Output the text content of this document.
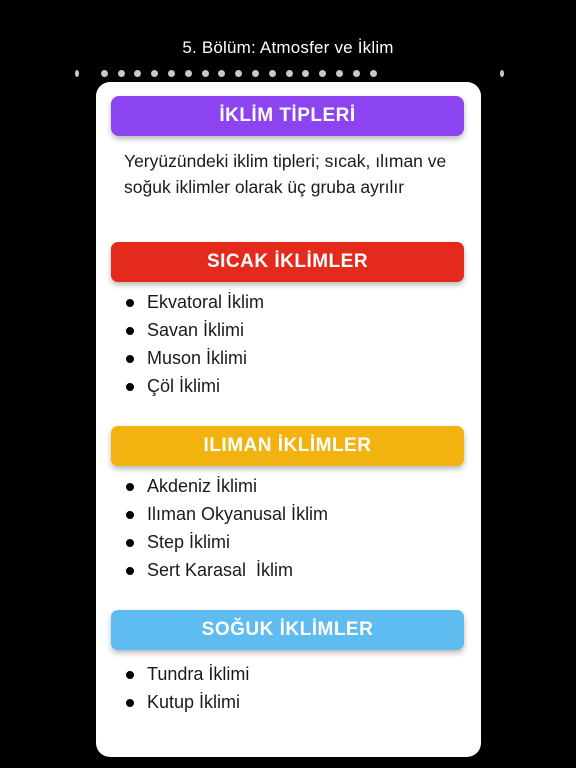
5. Bölüm: Atmosfer ve İklim
İKLİM TİPLERİ

Yeryüzündeki iklim tipleri; sıcak, ılıman ve soğuk iklimler olarak üç gruba ayrılır

SICAK İKLİMLER
Ekvatoral İklim
Savan İklimi
Muson İklimi
Çöl İklimi
ILIMAN İKLİMLER
Akdeniz İklimi
Ilıman Okyanusal İklim
Step İklimi
Sert Karasal  İklim
SOĞUK İKLİMLER
Tundra İklimi
Kutup İklimi
